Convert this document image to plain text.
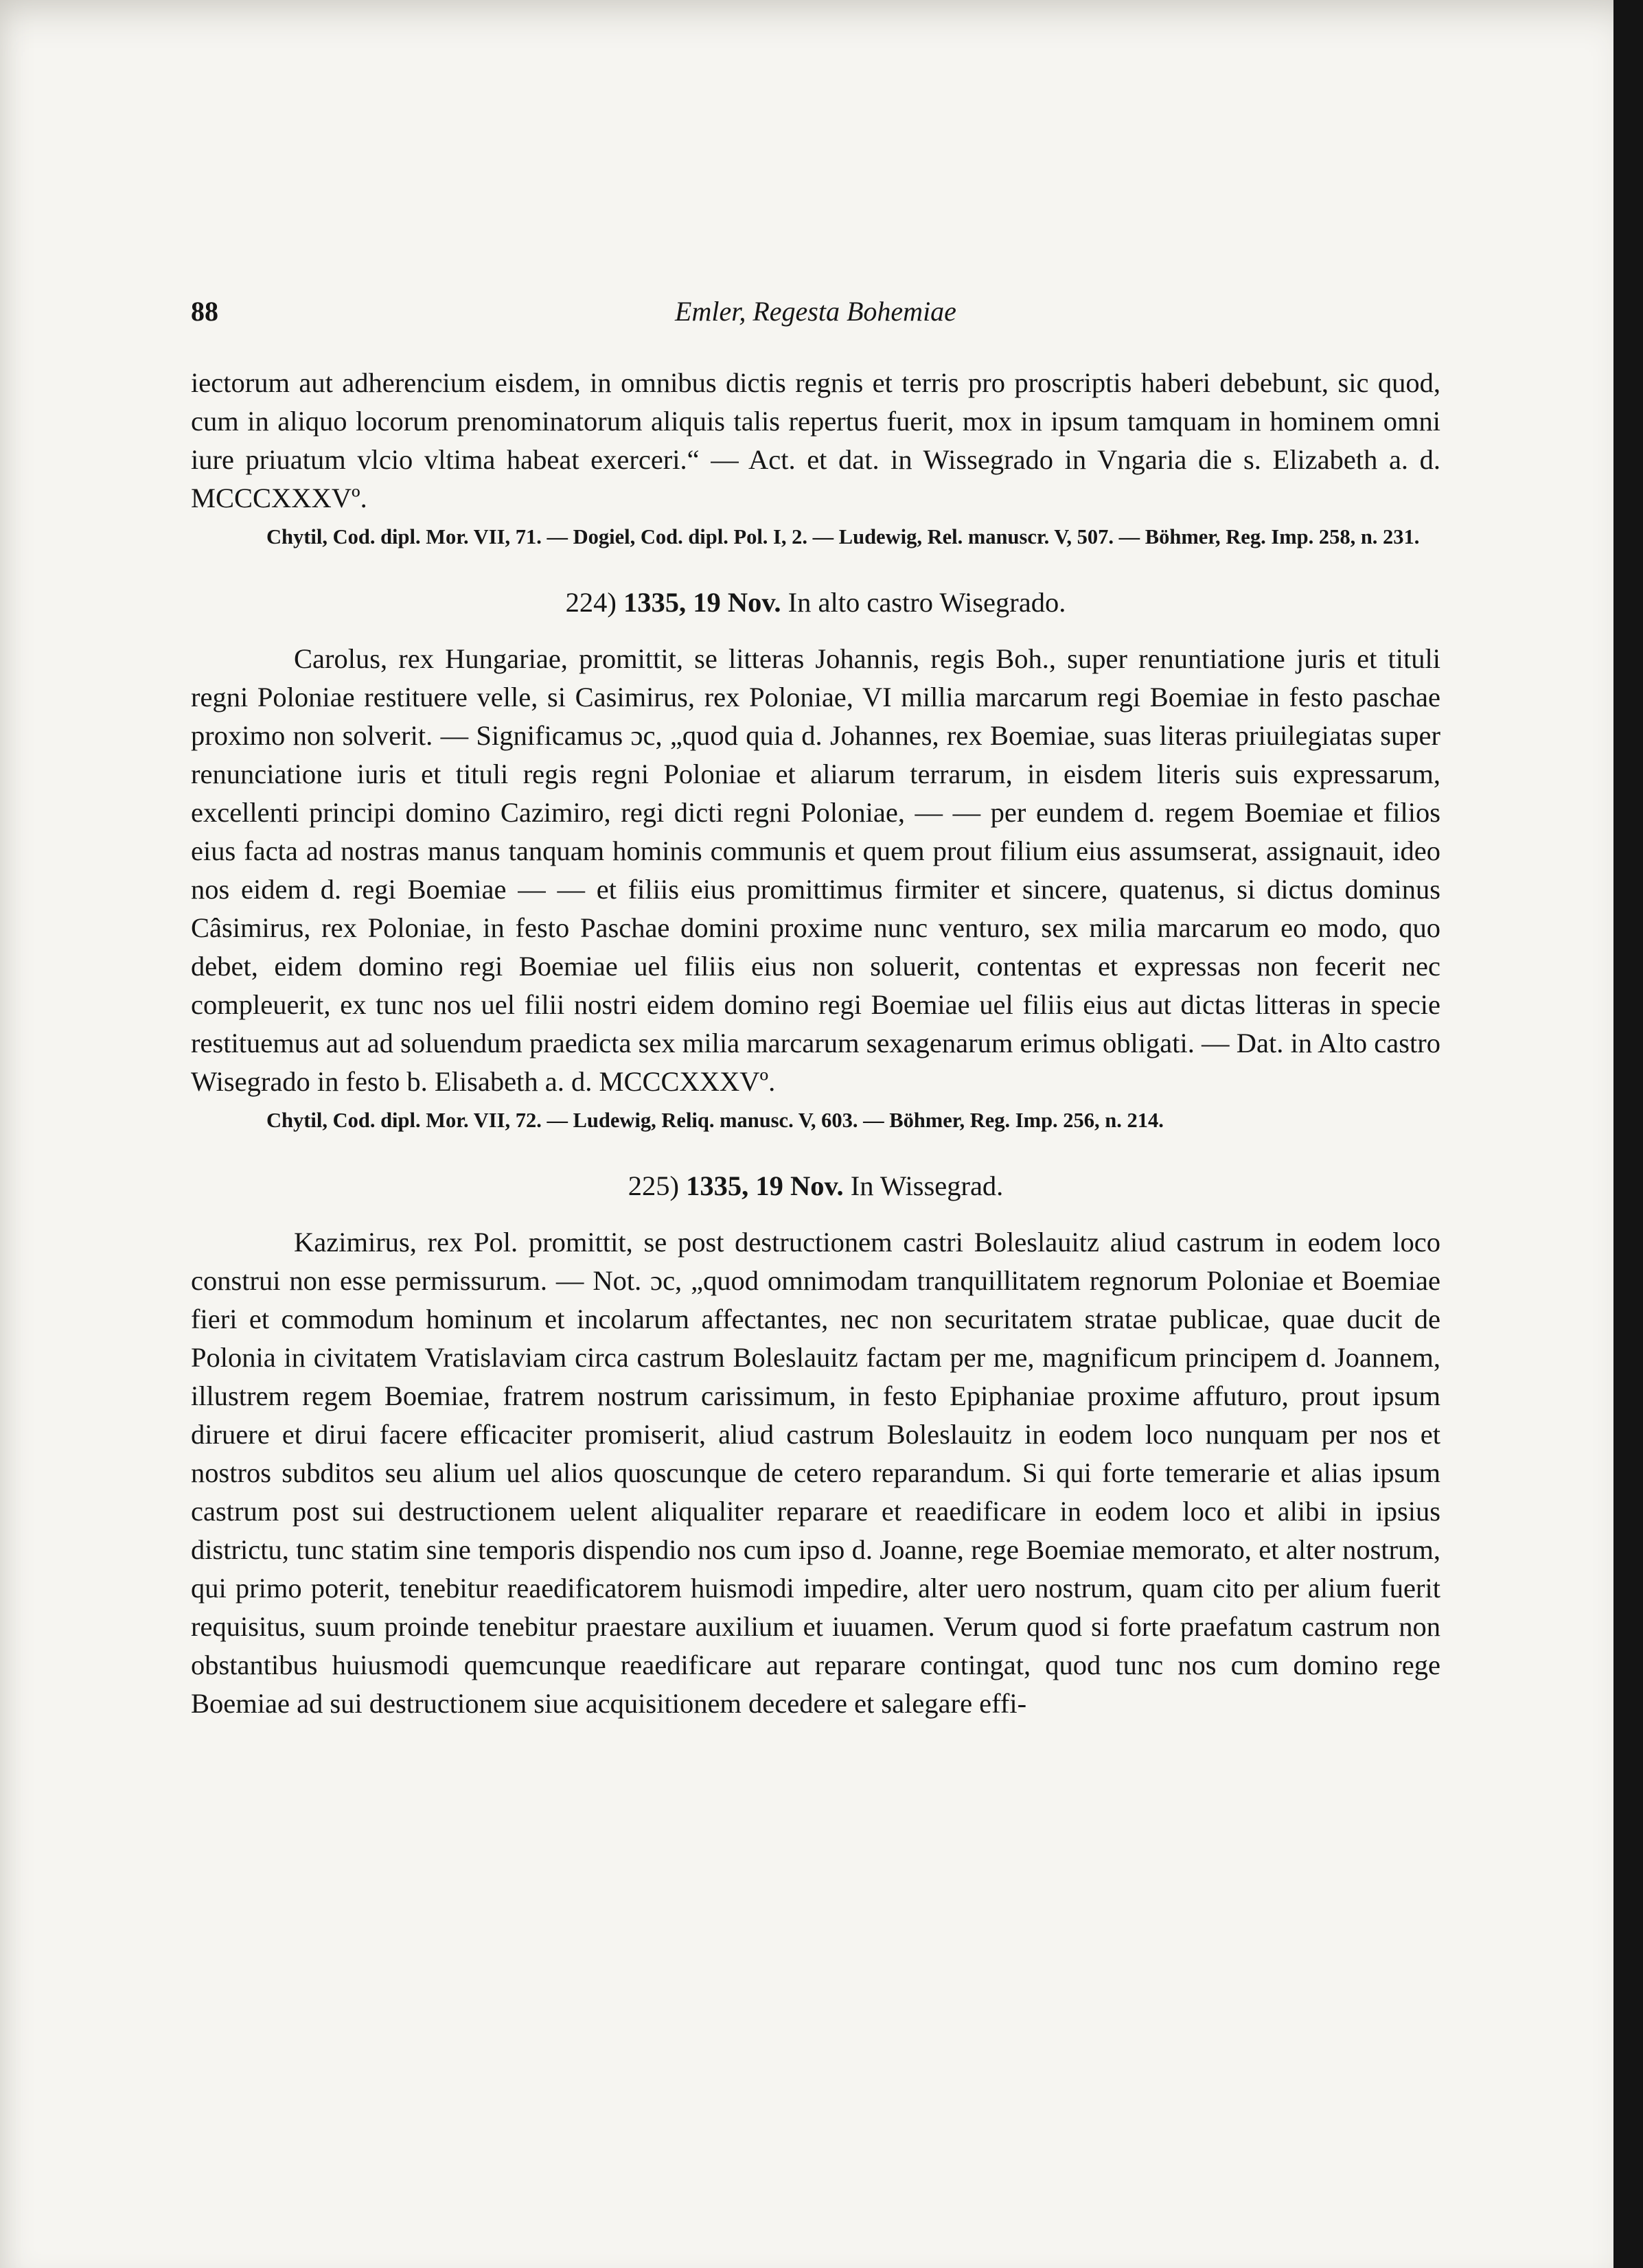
88	Emler, Regesta Bohemiae

iectorum aut adherencium eisdem, in omnibus dictis regnis et terris pro proscriptis haberi debebunt, sic quod, cum in aliquo locorum prenominatorum aliquis talis repertus fuerit, mox in ipsum tamquam in hominem omni iure priuatum vlcio vltima habeat exerceri.“ — Act. et dat. in Wissegrado in Vngaria die s. Elizabeth a. d. MCCCXXXVº.

Chytil, Cod. dipl. Mor. VII, 71. — Dogiel, Cod. dipl. Pol. I, 2. — Ludewig, Rel. manuscr. V, 507. — Böhmer, Reg. Imp. 258, n. 231.

224) 1335, 19 Nov. In alto castro Wisegrado.

Carolus, rex Hungariae, promittit, se litteras Johannis, regis Boh., super renuntiatione juris et tituli regni Poloniae restituere velle, si Casimirus, rex Poloniae, VI millia marcarum regi Boemiae in festo paschae proximo non solverit. — Significamus ɔc, „quod quia d. Johannes, rex Boemiae, suas literas priuilegiatas super renunciatione iuris et tituli regis regni Poloniae et aliarum terrarum, in eisdem literis suis expressarum, excellenti principi domino Cazimiro, regi dicti regni Poloniae, — — per eundem d. regem Boemiae et filios eius facta ad nostras manus tanquam hominis communis et quem prout filium eius assumserat, assignauit, ideo nos eidem d. regi Boemiae — — et filiis eius promittimus firmiter et sincere, quatenus, si dictus dominus Câsimirus, rex Poloniae, in festo Paschae domini proxime nunc venturo, sex milia marcarum eo modo, quo debet, eidem domino regi Boemiae uel filiis eius non soluerit, contentas et expressas non fecerit nec compleuerit, ex tunc nos uel filii nostri eidem domino regi Boemiae uel filiis eius aut dictas litteras in specie restituemus aut ad soluendum praedicta sex milia marcarum sexagenarum erimus obligati. — Dat. in Alto castro Wisegrado in festo b. Elisabeth a. d. MCCCXXXVº.

Chytil, Cod. dipl. Mor. VII, 72. — Ludewig, Reliq. manusc. V, 603. — Böhmer, Reg. Imp. 256, n. 214.

225) 1335, 19 Nov. In Wissegrad.

Kazimirus, rex Pol. promittit, se post destructionem castri Boleslauitz aliud castrum in eodem loco construi non esse permissurum. — Not. ɔc, „quod omnimodam tranquillitatem regnorum Poloniae et Boemiae fieri et commodum hominum et incolarum affectantes, nec non securitatem stratae publicae, quae ducit de Polonia in civitatem Vratislaviam circa castrum Boleslauitz factam per me, magnificum principem d. Joannem, illustrem regem Boemiae, fratrem nostrum carissimum, in festo Epiphaniae proxime affuturo, prout ipsum diruere et dirui facere efficaciter promiserit, aliud castrum Boleslauitz in eodem loco nunquam per nos et nostros subditos seu alium uel alios quoscunque de cetero reparandum. Si qui forte temerarie et alias ipsum castrum post sui destructionem uelent aliqualiter reparare et reaedificare in eodem loco et alibi in ipsius districtu, tunc statim sine temporis dispendio nos cum ipso d. Joanne, rege Boemiae memorato, et alter nostrum, qui primo poterit, tenebitur reaedificatorem huismodi impedire, alter uero nostrum, quam cito per alium fuerit requisitus, suum proinde tenebitur praestare auxilium et iuuamen. Verum quod si forte praefatum castrum non obstantibus huiusmodi quemcunque reaedificare aut reparare contingat, quod tunc nos cum domino rege Boemiae ad sui destructionem siue acquisitionem decedere et salegare effi-
